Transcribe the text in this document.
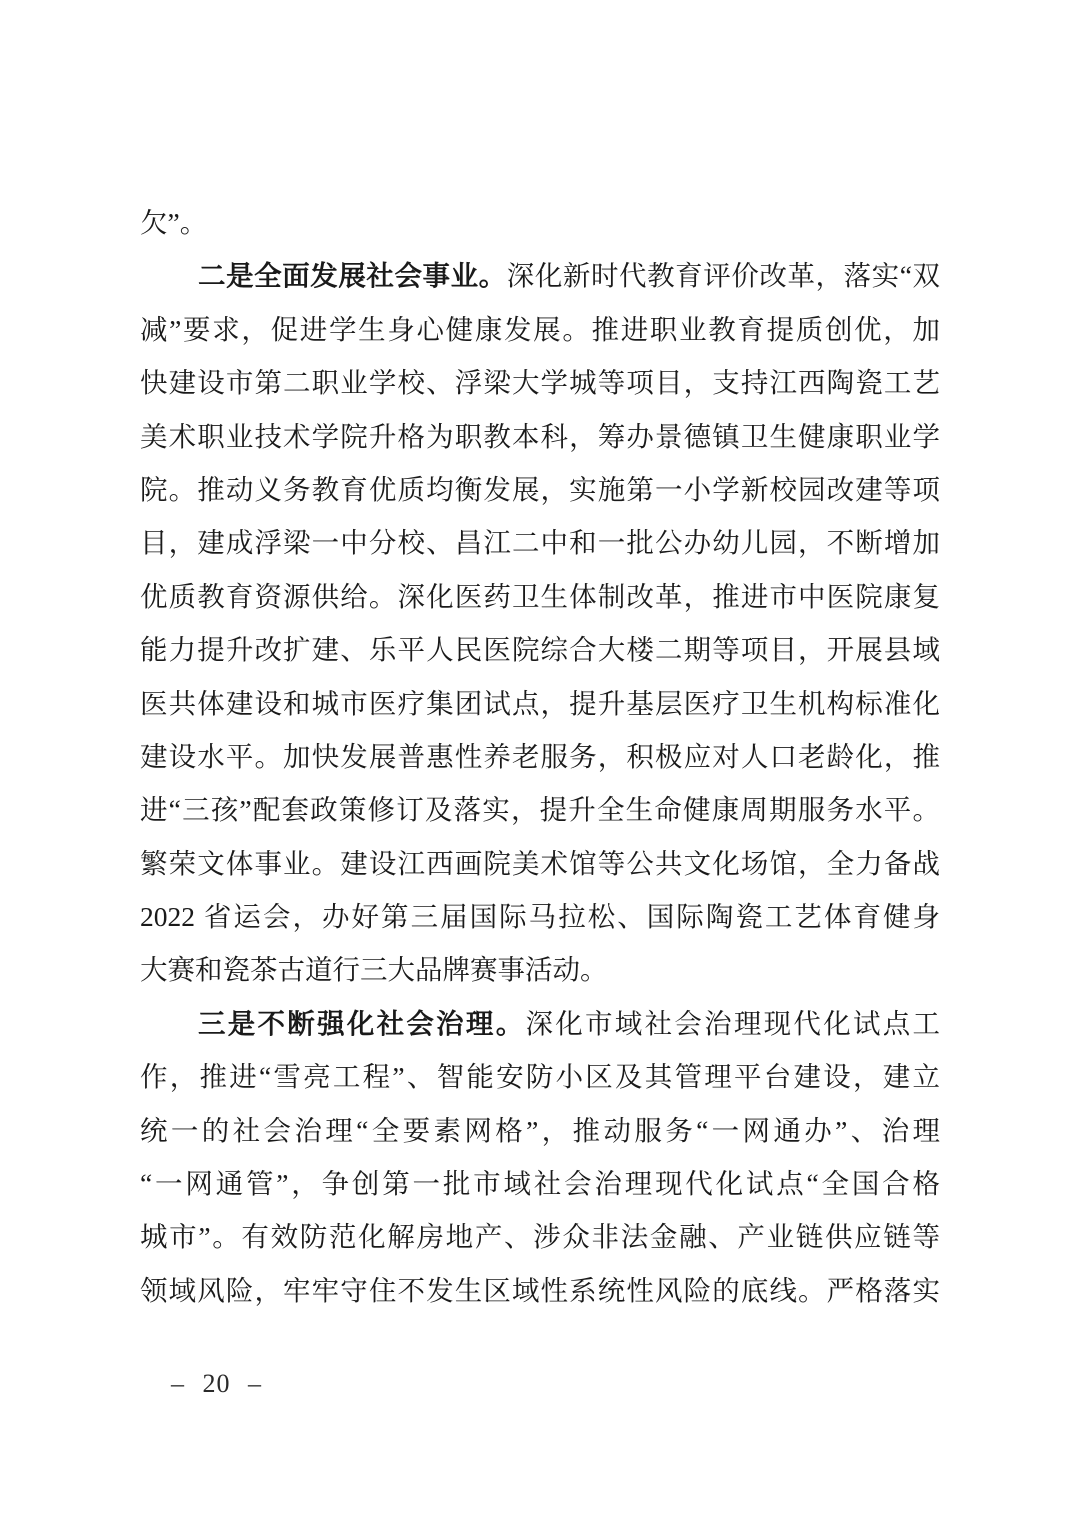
欠”。
二是全面发展社会事业。深化新时代教育评价改革，落实“双
减”要求，促进学生身心健康发展。推进职业教育提质创优，加
快建设市第二职业学校、浮梁大学城等项目，支持江西陶瓷工艺
美术职业技术学院升格为职教本科，筹办景德镇卫生健康职业学
院。推动义务教育优质均衡发展，实施第一小学新校园改建等项
目，建成浮梁一中分校、昌江二中和一批公办幼儿园，不断增加
优质教育资源供给。深化医药卫生体制改革，推进市中医院康复
能力提升改扩建、乐平人民医院综合大楼二期等项目，开展县域
医共体建设和城市医疗集团试点，提升基层医疗卫生机构标准化
建设水平。加快发展普惠性养老服务，积极应对人口老龄化，推
进“三孩”配套政策修订及落实，提升全生命健康周期服务水平。
繁荣文体事业。建设江西画院美术馆等公共文化场馆，全力备战
2022 省运会，办好第三届国际马拉松、国际陶瓷工艺体育健身
大赛和瓷茶古道行三大品牌赛事活动。
三是不断强化社会治理。深化市域社会治理现代化试点工
作，推进“雪亮工程”、智能安防小区及其管理平台建设，建立
统一的社会治理“全要素网格”，推动服务“一网通办”、治理
“一网通管”，争创第一批市域社会治理现代化试点“全国合格
城市”。有效防范化解房地产、涉众非法金融、产业链供应链等
领域风险，牢牢守住不发生区域性系统性风险的底线。严格落实
– 20 –
